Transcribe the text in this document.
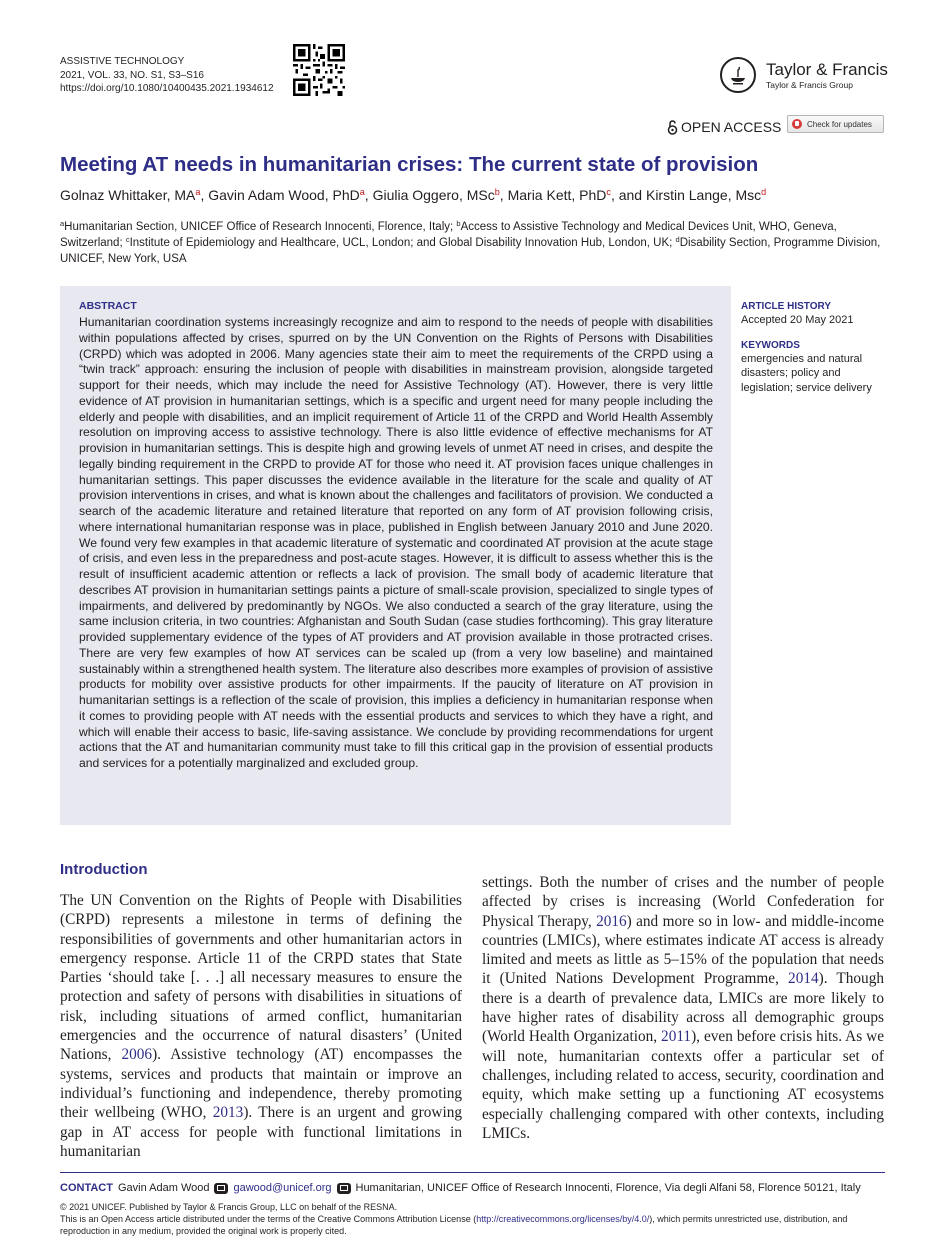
ASSISTIVE TECHNOLOGY
2021, VOL. 33, NO. S1, S3–S16
https://doi.org/10.1080/10400435.2021.1934612
Taylor & Francis
Taylor & Francis Group
OPEN ACCESS	Check for updates
Meeting AT needs in humanitarian crises: The current state of provision
Golnaz Whittaker, $MA^a$, Gavin Adam Wood, PhD$^a$, Giulia Oggero, MSc$^b$, Maria Kett, PhD$^c$, and Kirstin Lange, Msc$^d$
$^a$Humanitarian Section, UNICEF Office of Research Innocenti, Florence, Italy; $^b$Access to Assistive Technology and Medical Devices Unit, WHO, Geneva, Switzerland; $^c$Institute of Epidemiology and Healthcare, UCL, London; and Global Disability Innovation Hub, London, UK; $^d$Disability Section, Programme Division, UNICEF, New York, USA
ABSTRACT
Humanitarian coordination systems increasingly recognize and aim to respond to the needs of people with disabilities within populations affected by crises, spurred on by the UN Convention on the Rights of Persons with Disabilities (CRPD) which was adopted in 2006. Many agencies state their aim to meet the requirements of the CRPD using a “twin track” approach: ensuring the inclusion of people with disabilities in mainstream provision, alongside targeted support for their needs, which may include the need for Assistive Technology (AT). However, there is very little evidence of AT provision in humanitarian settings, which is a specific and urgent need for many people including the elderly and people with disabilities, and an implicit requirement of Article 11 of the CRPD and World Health Assembly resolution on improving access to assistive technology. There is also little evidence of effective mechanisms for AT provision in humanitarian settings. This is despite high and growing levels of unmet AT need in crises, and despite the legally binding requirement in the CRPD to provide AT for those who need it. AT provision faces unique challenges in humanitarian settings. This paper discusses the evidence available in the literature for the scale and quality of AT provision interventions in crises, and what is known about the challenges and facilitators of provision. We conducted a search of the academic literature and retained literature that reported on any form of AT provision following crisis, where international humanitarian response was in place, published in English between January 2010 and June 2020. We found very few examples in that academic literature of systematic and coordinated AT provision at the acute stage of crisis, and even less in the preparedness and post-acute stages. However, it is difficult to assess whether this is the result of insufficient academic attention or reflects a lack of provision. The small body of academic literature that describes AT provision in humanitarian settings paints a picture of small-scale provision, specialized to single types of impairments, and delivered by predominantly by NGOs. We also conducted a search of the gray literature, using the same inclusion criteria, in two countries: Afghanistan and South Sudan (case studies forthcoming). This gray literature provided supplementary evidence of the types of AT providers and AT provision available in those protracted crises. There are very few examples of how AT services can be scaled up (from a very low baseline) and maintained sustainably within a strengthened health system. The literature also describes more examples of provision of assistive products for mobility over assistive products for other impairments. If the paucity of literature on AT provision in humanitarian settings is a reflection of the scale of provision, this implies a deficiency in humanitarian response when it comes to providing people with AT needs with the essential products and services to which they have a right, and which will enable their access to basic, life-saving assistance. We conclude by providing recommendations for urgent actions that the AT and humanitarian community must take to fill this critical gap in the provision of essential products and services for a potentially marginalized and excluded group.
ARTICLE HISTORY
Accepted 20 May 2021
KEYWORDS
emergencies and natural disasters; policy and legislation; service delivery
Introduction
The UN Convention on the Rights of People with Disabilities (CRPD) represents a milestone in terms of defining the responsibilities of governments and other humanitarian actors in emergency response. Article 11 of the CRPD states that State Parties ‘should take [. . .] all necessary measures to ensure the protection and safety of persons with disabilities in situations of risk, including situations of armed conflict, humanitarian emergencies and the occurrence of natural disasters’ (United Nations, 2006). Assistive technology (AT) encompasses the systems, services and products that maintain or improve an individual’s functioning and independence, thereby promoting their wellbeing (WHO, 2013). There is an urgent and growing gap in AT access for people with functional limitations in humanitarian
settings. Both the number of crises and the number of people affected by crises is increasing (World Confederation for Physical Therapy, 2016) and more so in low- and middle-income countries (LMICs), where estimates indicate AT access is already limited and meets as little as 5–15% of the population that needs it (United Nations Development Programme, 2014). Though there is a dearth of prevalence data, LMICs are more likely to have higher rates of disability across all demographic groups (World Health Organization, 2011), even before crisis hits. As we will note, humanitarian contexts offer a particular set of challenges, including related to access, security, coordination and equity, which make setting up a functioning AT ecosystems especially challenging compared with other contexts, including LMICs.
CONTACT Gavin Adam Wood gawood@unicef.org Humanitarian, UNICEF Office of Research Innocenti, Florence, Via degli Alfani 58, Florence 50121, Italy
© 2021 UNICEF. Published by Taylor & Francis Group, LLC on behalf of the RESNA.
This is an Open Access article distributed under the terms of the Creative Commons Attribution License (http://creativecommons.org/licenses/by/4.0/), which permits unrestricted use, distribution, and reproduction in any medium, provided the original work is properly cited.
